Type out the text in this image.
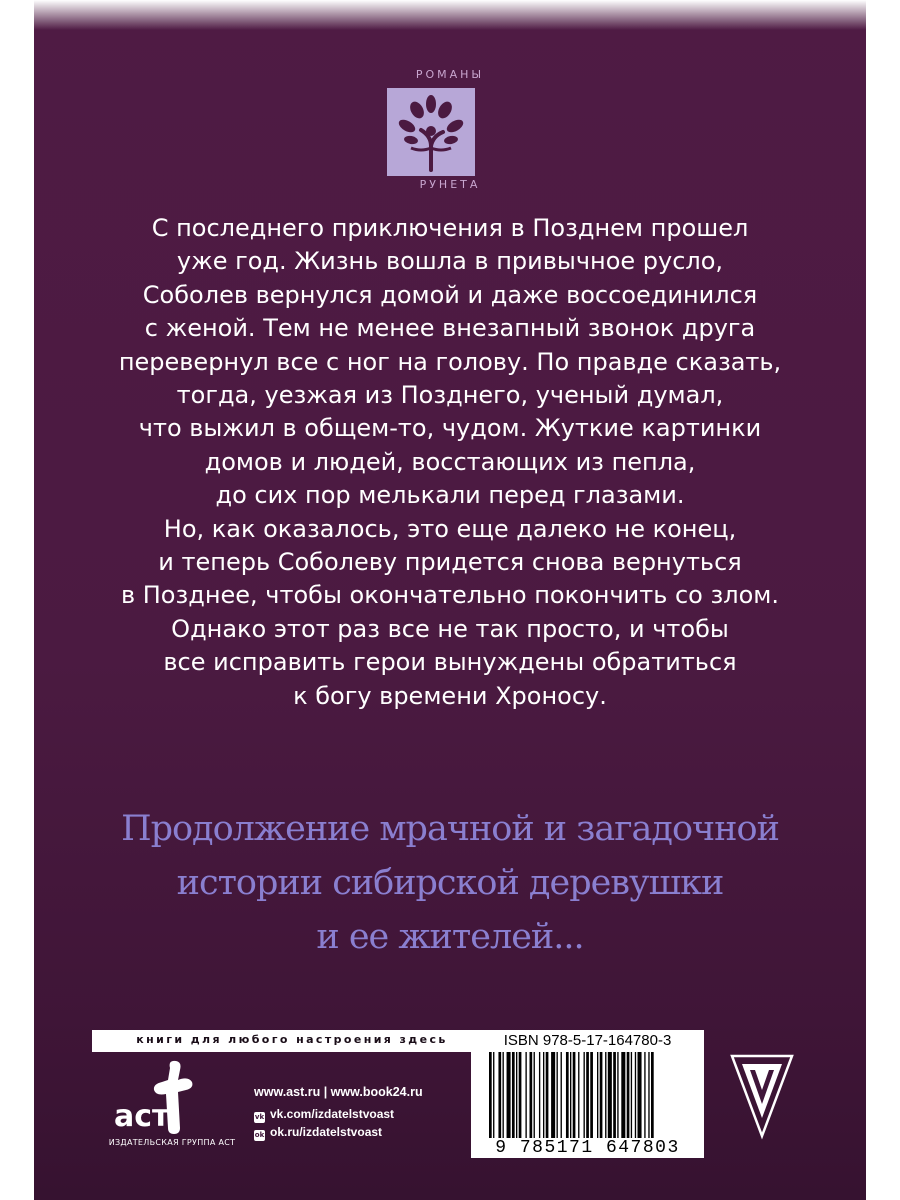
РОМАНЫ
РУНЕТА

С последнего приключения в Позднем прошел
уже год. Жизнь вошла в привычное русло,
Соболев вернулся домой и даже воссоединился
с женой. Тем не менее внезапный звонок друга
перевернул все с ног на голову. По правде сказать,
тогда, уезжая из Позднего, ученый думал,
что выжил в общем-то, чудом. Жуткие картинки
домов и людей, восстающих из пепла,
до сих пор мелькали перед глазами.
Но, как оказалось, это еще далеко не конец,
и теперь Соболеву придется снова вернуться
в Позднее, чтобы окончательно покончить со злом.
Однако этот раз все не так просто, и чтобы
все исправить герои вынуждены обратиться
к богу времени Хроносу.

Продолжение мрачной и загадочной
истории сибирской деревушки
и ее жителей...

книги для любого настроения здесь
аст
ИЗДАТЕЛЬСКАЯ ГРУППА АСТ
www.ast.ru | www.book24.ru
vk vk.com/izdatelstvoast
ok ok.ru/izdatelstvoast
ISBN 978-5-17-164780-3
9 785171 647803
